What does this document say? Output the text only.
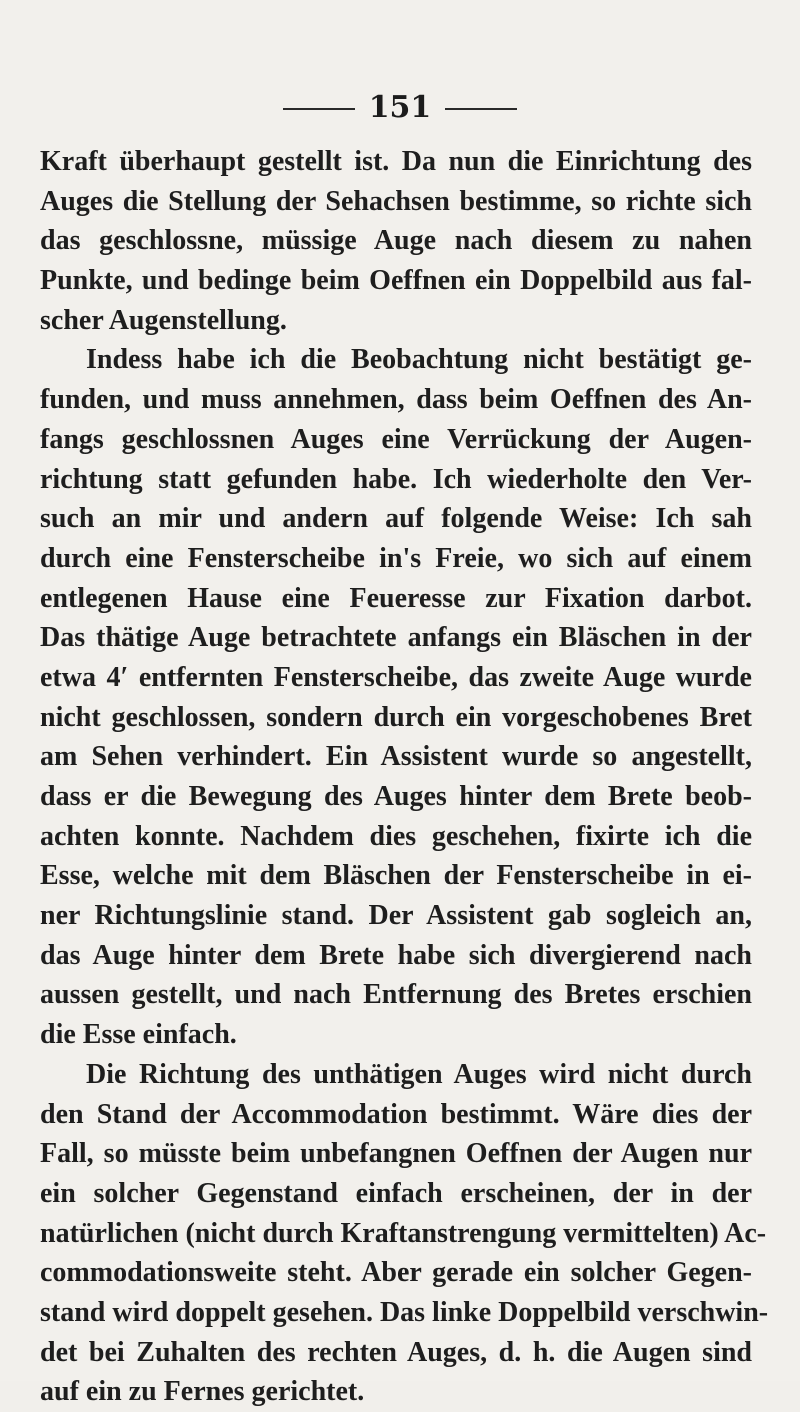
151
Kraft überhaupt gestellt ist. Da nun die Einrichtung des
Auges die Stellung der Sehachsen bestimme, so richte sich
das geschlossne, müssige Auge nach diesem zu nahen
Punkte, und bedinge beim Oeffnen ein Doppelbild aus fal-
scher Augenstellung.
Indess habe ich die Beobachtung nicht bestätigt ge-
funden, und muss annehmen, dass beim Oeffnen des An-
fangs geschlossnen Auges eine Verrückung der Augen-
richtung statt gefunden habe. Ich wiederholte den Ver-
such an mir und andern auf folgende Weise: Ich sah
durch eine Fensterscheibe in's Freie, wo sich auf einem
entlegenen Hause eine Feueresse zur Fixation darbot.
Das thätige Auge betrachtete anfangs ein Bläschen in der
etwa 4′ entfernten Fensterscheibe, das zweite Auge wurde
nicht geschlossen, sondern durch ein vorgeschobenes Bret
am Sehen verhindert. Ein Assistent wurde so angestellt,
dass er die Bewegung des Auges hinter dem Brete beob-
achten konnte. Nachdem dies geschehen, fixirte ich die
Esse, welche mit dem Bläschen der Fensterscheibe in ei-
ner Richtungslinie stand. Der Assistent gab sogleich an,
das Auge hinter dem Brete habe sich divergierend nach
aussen gestellt, und nach Entfernung des Bretes erschien
die Esse einfach.
Die Richtung des unthätigen Auges wird nicht durch
den Stand der Accommodation bestimmt. Wäre dies der
Fall, so müsste beim unbefangnen Oeffnen der Augen nur
ein solcher Gegenstand einfach erscheinen, der in der
natürlichen (nicht durch Kraftanstrengung vermittelten) Ac-
commodationsweite steht. Aber gerade ein solcher Gegen-
stand wird doppelt gesehen. Das linke Doppelbild verschwin-
det bei Zuhalten des rechten Auges, d. h. die Augen sind
auf ein zu Fernes gerichtet.
